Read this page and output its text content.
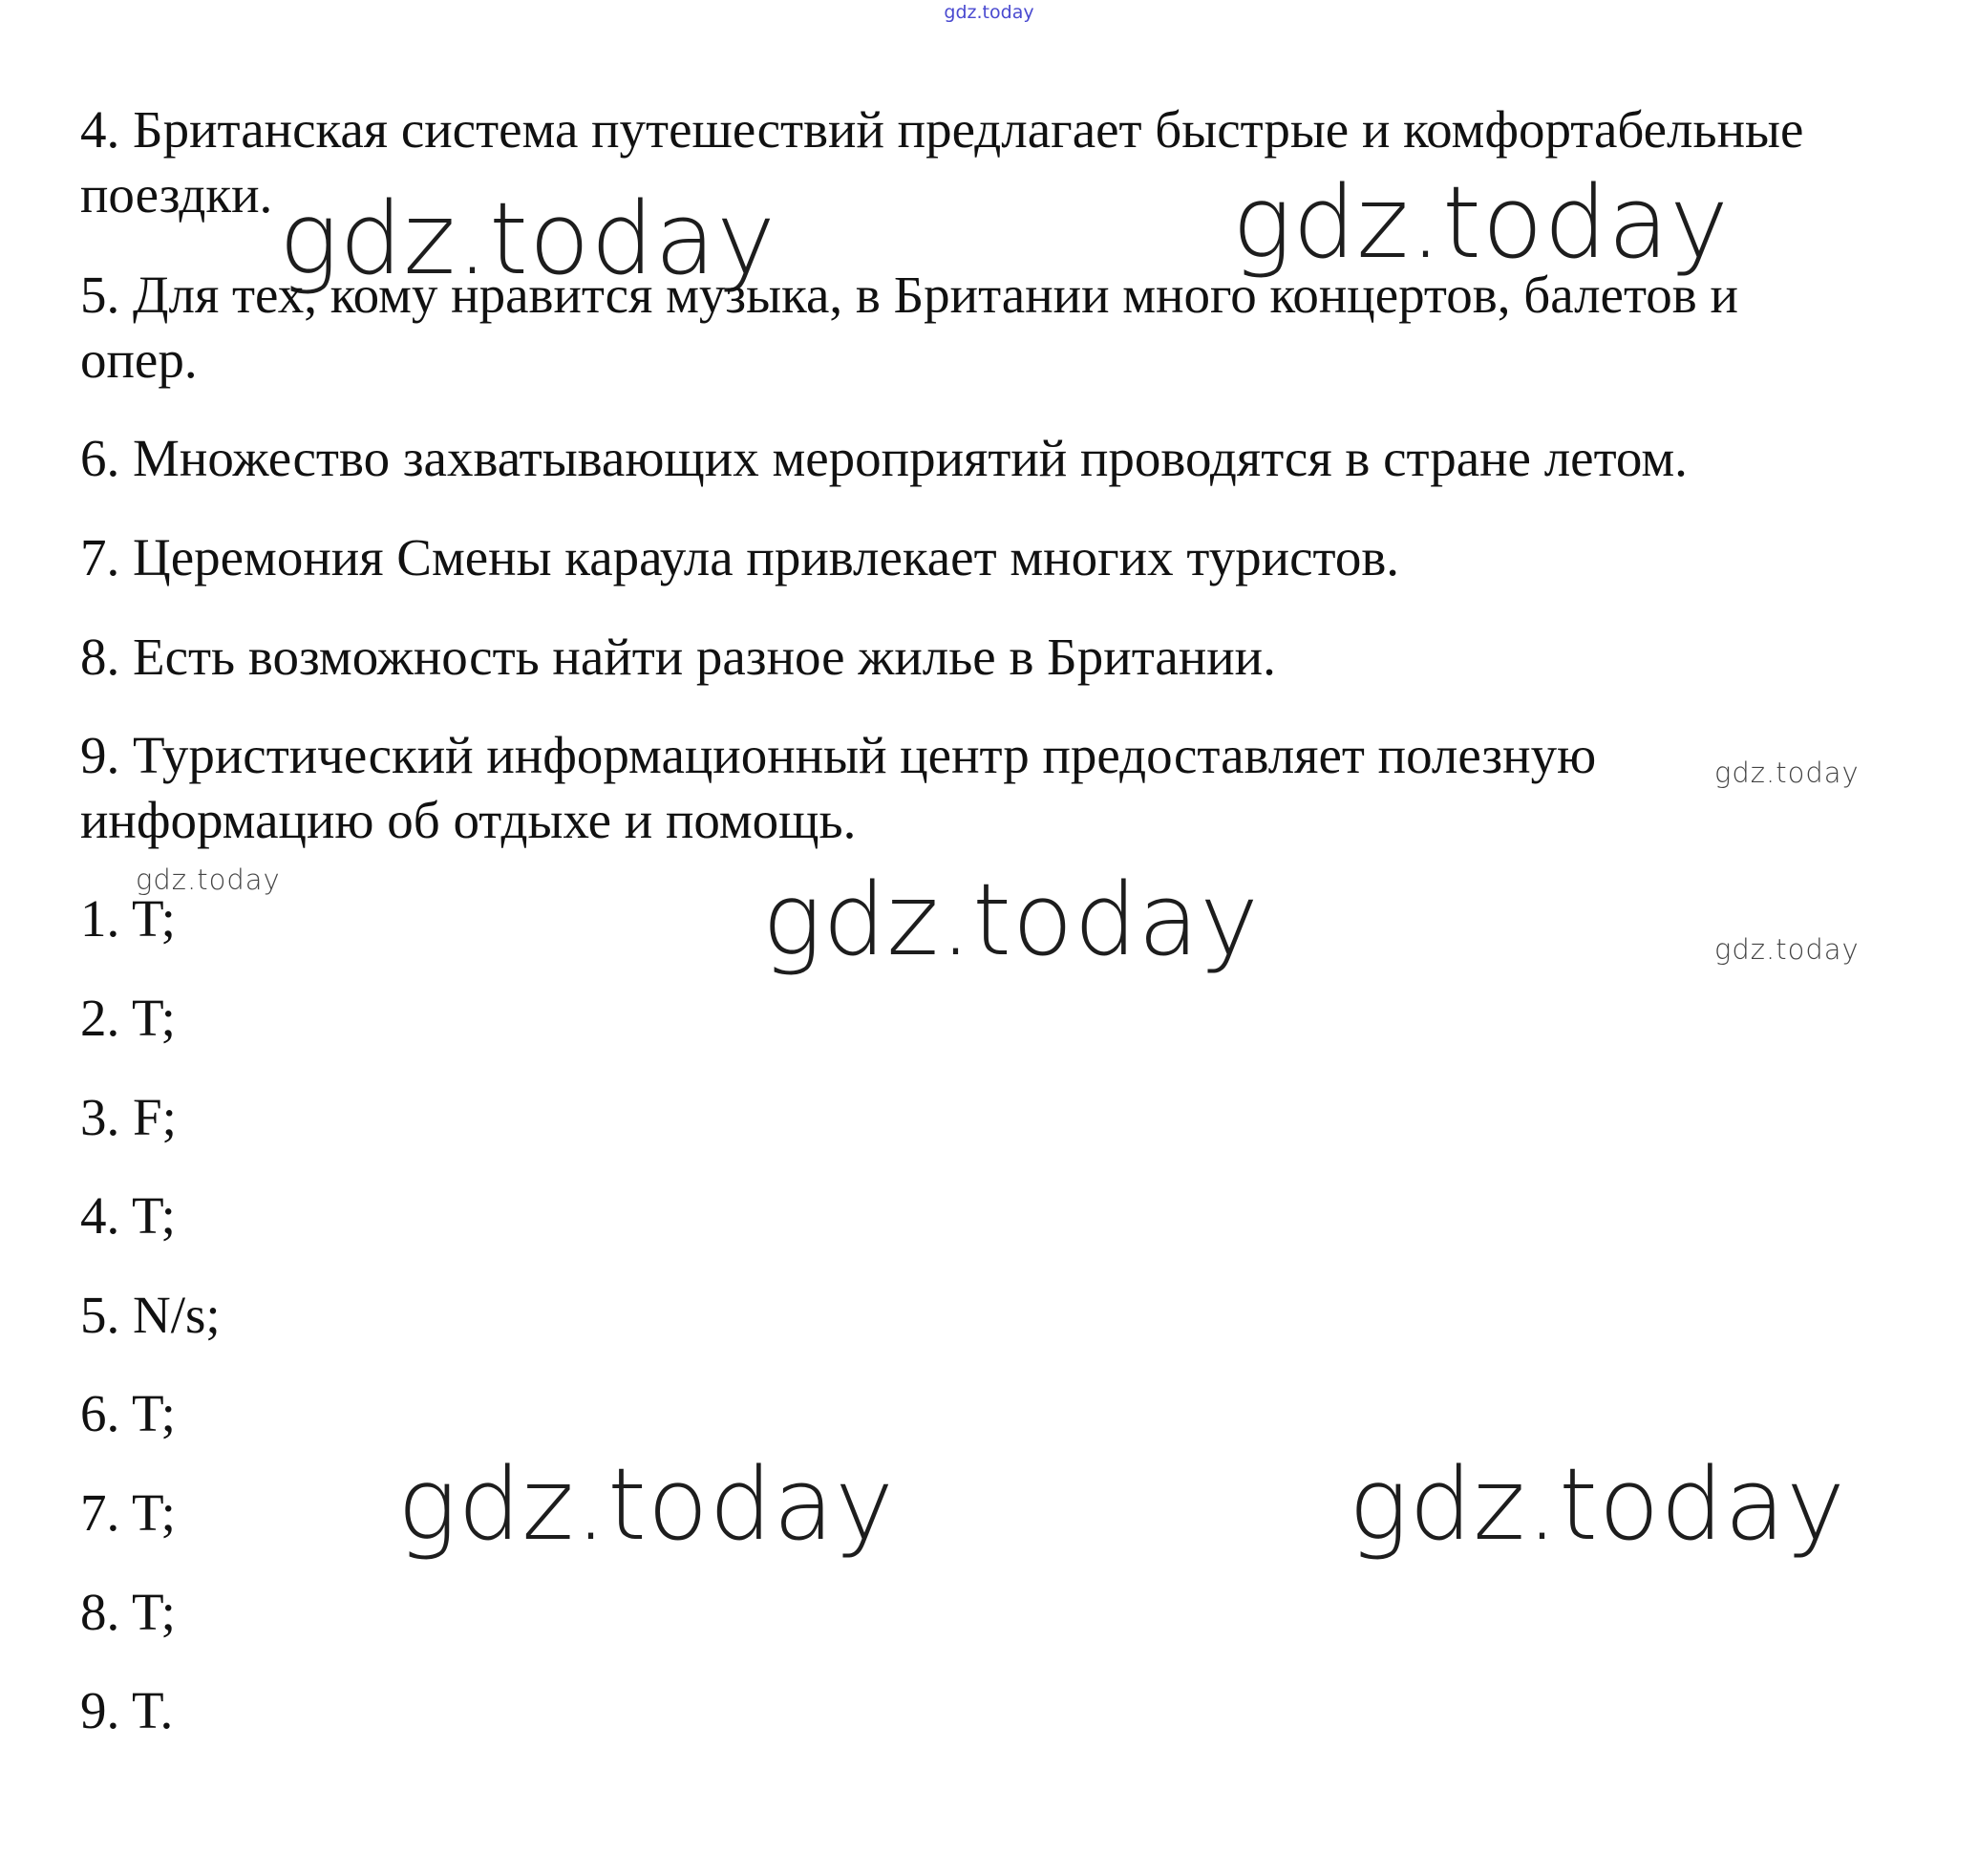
gdz.today
4. Британская система путешествий предлагает быстрые и комфортабельные
поездки.
5. Для тех, кому нравится музыка, в Британии много концертов, балетов и
опер.
6. Множество захватывающих мероприятий проводятся в стране летом.
7. Церемония Смены караула привлекает многих туристов.
8. Есть возможность найти разное жилье в Британии.
9. Туристический информационный центр предоставляет полезную
информацию об отдыхе и помощь.
1. T;
2. T;
3. F;
4. T;
5. N/s;
6. T;
7. T;
8. T;
9. T.
gdz.today	gdz.today
gdz.today
gdz.today	gdz.today
gdz.today
gdz.today
gdz.today
